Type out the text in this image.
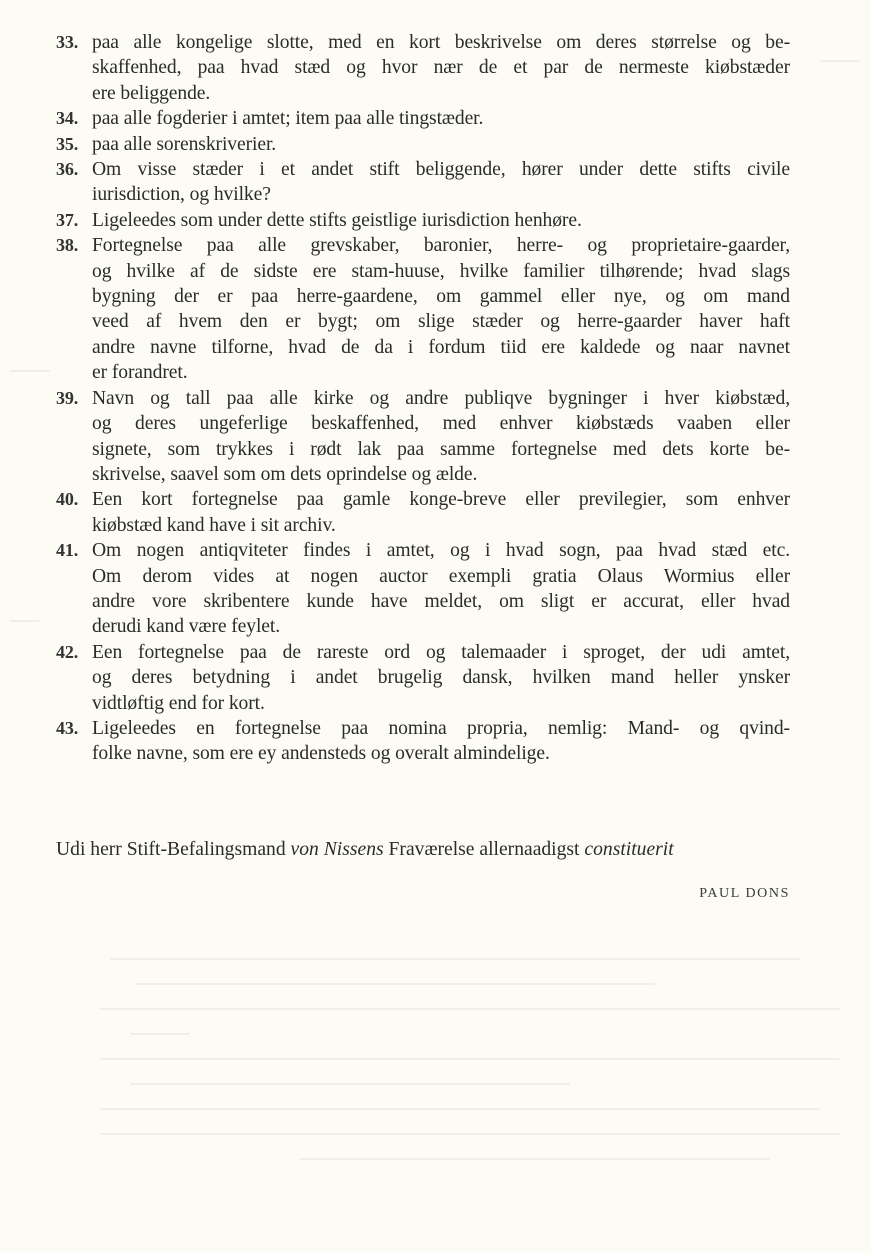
33. paa alle kongelige slotte, med en kort beskrivelse om deres størrelse og be-
skaffenhed, paa hvad stæd og hvor nær de et par de nermeste kiøbstæder
ere beliggende.
34. paa alle fogderier i amtet; item paa alle tingstæder.
35. paa alle sorenskriverier.
36. Om visse stæder i et andet stift beliggende, hører under dette stifts civile
iurisdiction, og hvilke?
37. Ligeleedes som under dette stifts geistlige iurisdiction henhøre.
38. Fortegnelse paa alle grevskaber, baronier, herre- og proprietaire-gaarder,
og hvilke af de sidste ere stam-huuse, hvilke familier tilhørende; hvad slags
bygning der er paa herre-gaardene, om gammel eller nye, og om mand
veed af hvem den er bygt; om slige stæder og herre-gaarder haver haft
andre navne tilforne, hvad de da i fordum tiid ere kaldede og naar navnet
er forandret.
39. Navn og tall paa alle kirke og andre publiqve bygninger i hver kiøbstæd,
og deres ungeferlige beskaffenhed, med enhver kiøbstæds vaaben eller
signete, som trykkes i rødt lak paa samme fortegnelse med dets korte be-
skrivelse, saavel som om dets oprindelse og ælde.
40. Een kort fortegnelse paa gamle konge-breve eller previlegier, som enhver
kiøbstæd kand have i sit archiv.
41. Om nogen antiqviteter findes i amtet, og i hvad sogn, paa hvad stæd etc.
Om derom vides at nogen auctor exempli gratia Olaus Wormius eller
andre vore skribentere kunde have meldet, om sligt er accurat, eller hvad
derudi kand være feylet.
42. Een fortegnelse paa de rareste ord og talemaader i sproget, der udi amtet,
og deres betydning i andet brugelig dansk, hvilken mand heller ynsker
vidtløftig end for kort.
43. Ligeleedes en fortegnelse paa nomina propria, nemlig: Mand- og qvind-
folke navne, som ere ey andensteds og overalt almindelige.
Udi herr Stift-Befalingsmand von Nissens Fraværelse allernaadigst constituerit
PAUL DONS
